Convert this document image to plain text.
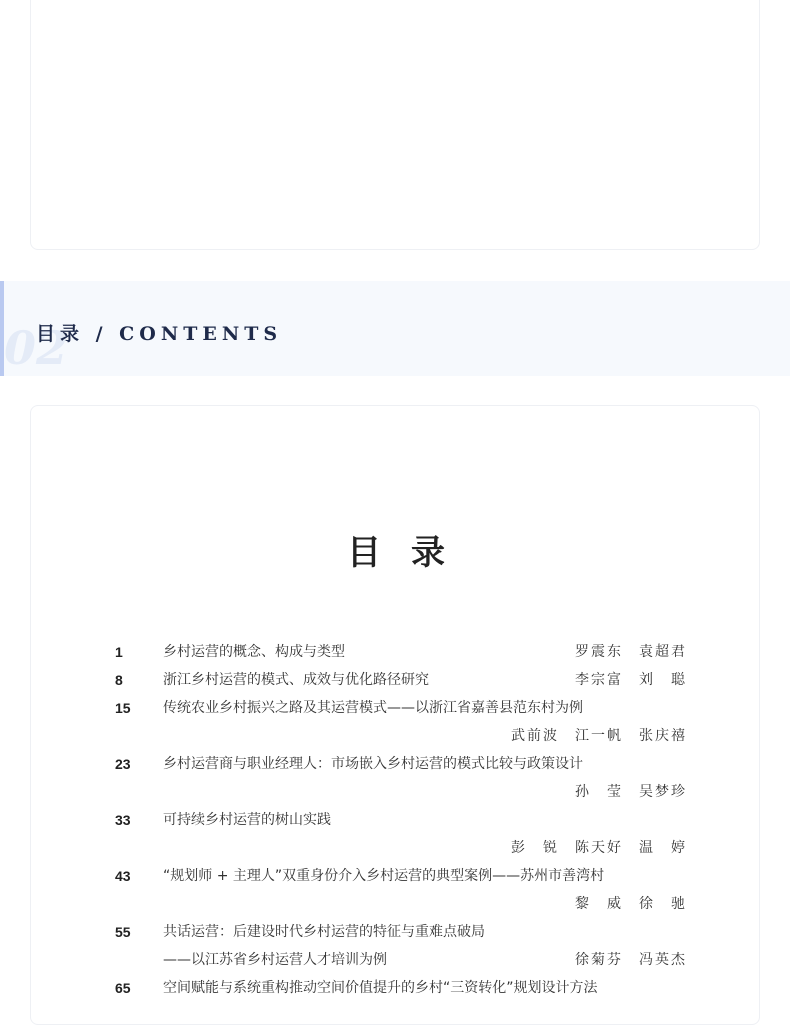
02
目录 / CONTENTS
目录
1	乡村运营的概念、构成与类型	罗震东　袁超君
8	浙江乡村运营的模式、成效与优化路径研究	李宗富　刘　聪
15	传统农业乡村振兴之路及其运营模式——以浙江省嘉善县范东村为例
武前波　江一帆　张庆禧
23	乡村运营商与职业经理人：市场嵌入乡村运营的模式比较与政策设计
孙　莹　吴梦珍
33	可持续乡村运营的树山实践
彭　锐　陈天好　温　婷
43	“规划师 + 主理人”双重身份介入乡村运营的典型案例——苏州市善湾村
黎　威　徐　驰
55	共话运营：后建设时代乡村运营的特征与重难点破局
——以江苏省乡村运营人才培训为例	徐菊芬　冯英杰
65	空间赋能与系统重构推动空间价值提升的乡村“三资转化”规划设计方法
